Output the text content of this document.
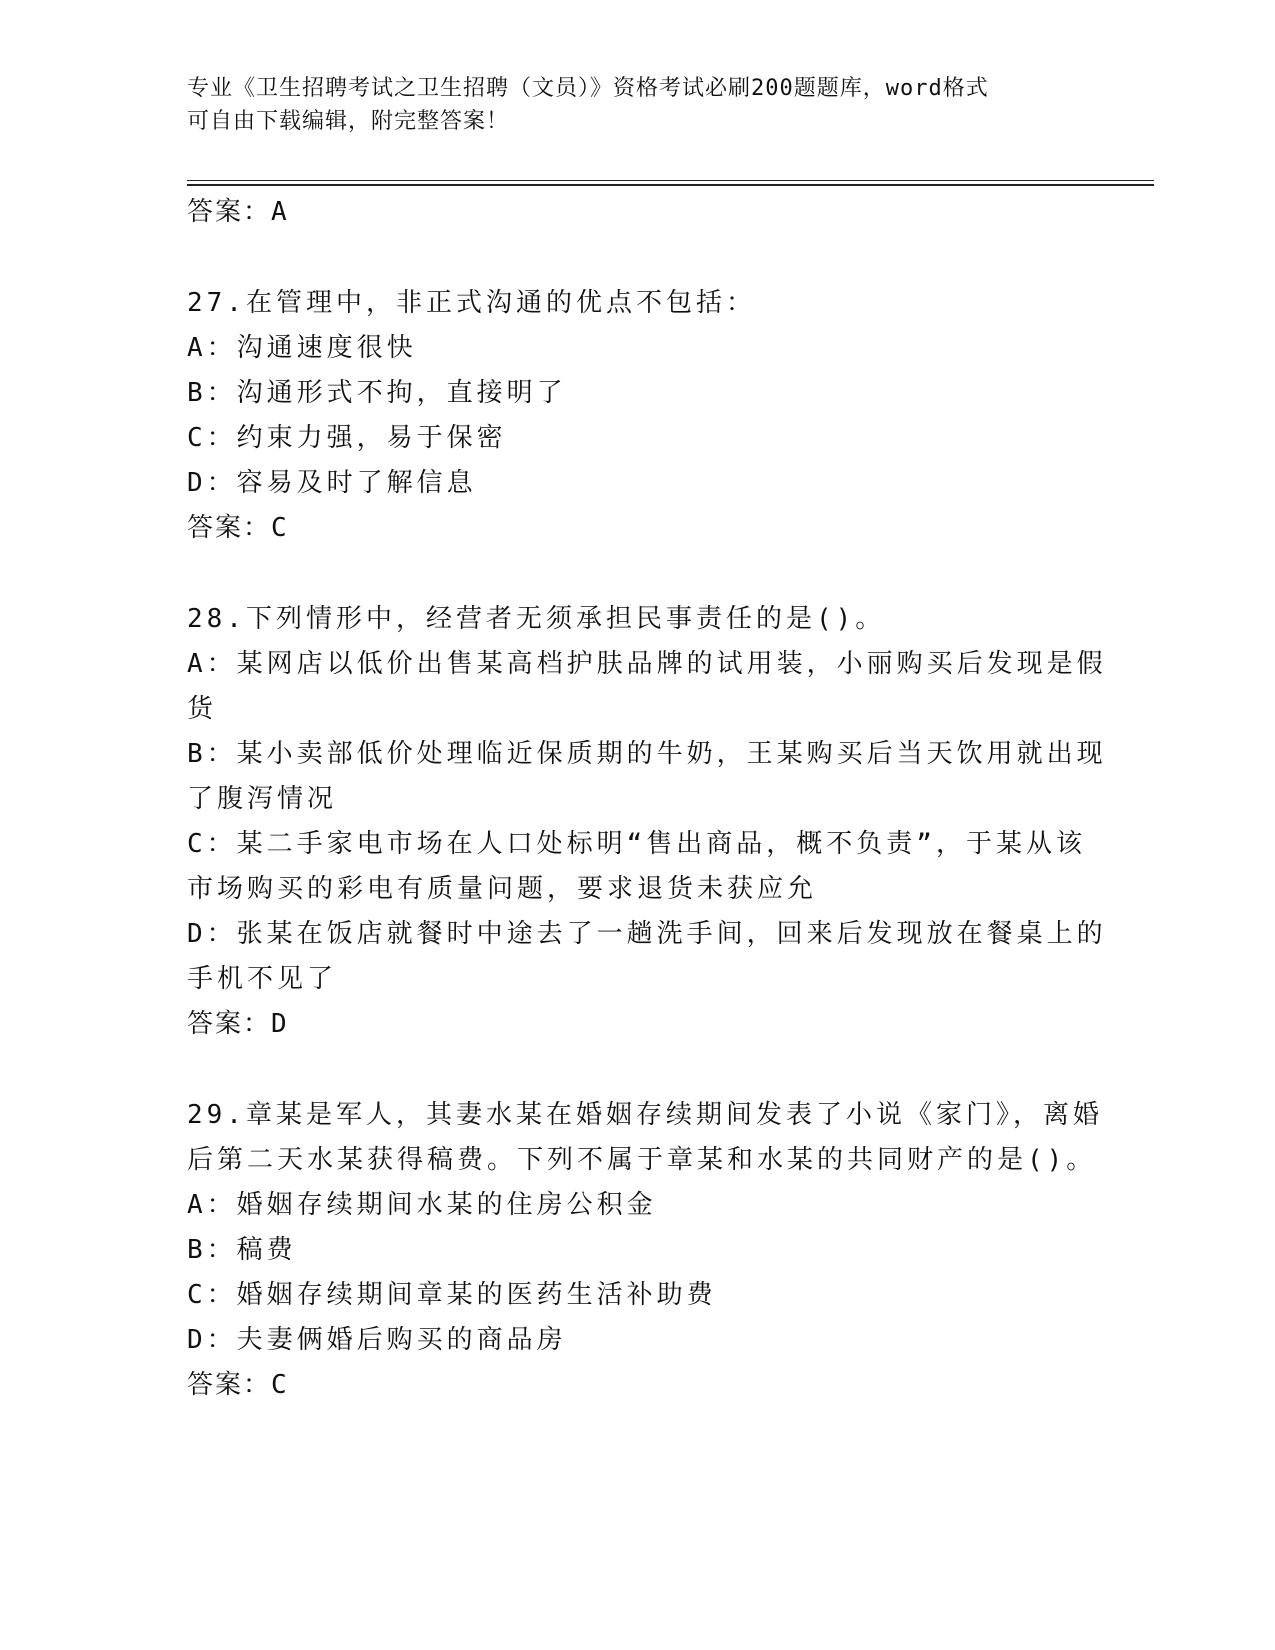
专业《卫生招聘考试之卫生招聘（文员）》资格考试必刷200题题库，word格式
可自由下载编辑，附完整答案！
答案：A
27.在管理中，非正式沟通的优点不包括：
A：沟通速度很快
B：沟通形式不拘，直接明了
C：约束力强，易于保密
D：容易及时了解信息
答案：C
28.下列情形中，经营者无须承担民事责任的是()。
A：某网店以低价出售某高档护肤品牌的试用装，小丽购买后发现是假
货
B：某小卖部低价处理临近保质期的牛奶，王某购买后当天饮用就出现
了腹泻情况
C：某二手家电市场在人口处标明“售出商品，概不负责”，于某从该
市场购买的彩电有质量问题，要求退货未获应允
D：张某在饭店就餐时中途去了一趟洗手间，回来后发现放在餐桌上的
手机不见了
答案：D
29.章某是军人，其妻水某在婚姻存续期间发表了小说《家门》，离婚
后第二天水某获得稿费。下列不属于章某和水某的共同财产的是()。
A：婚姻存续期间水某的住房公积金
B：稿费
C：婚姻存续期间章某的医药生活补助费
D：夫妻俩婚后购买的商品房
答案：C
